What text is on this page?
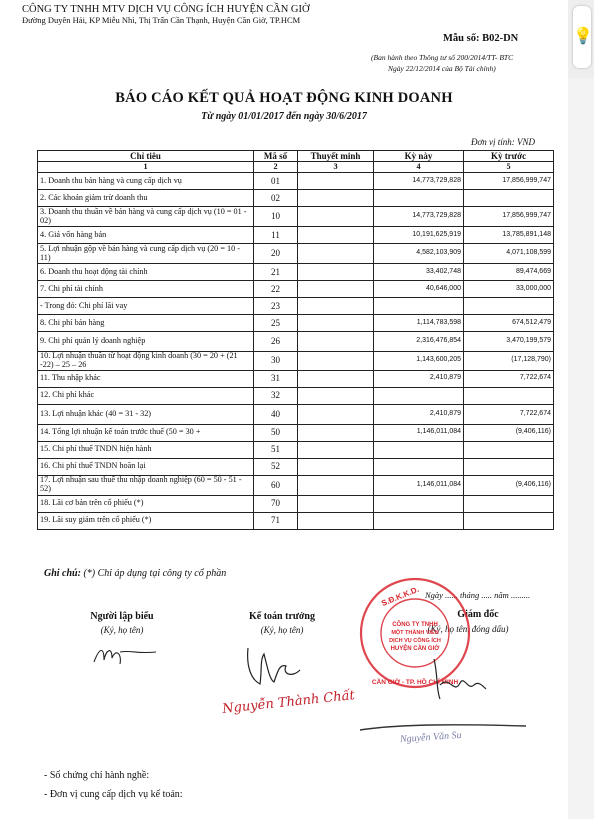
CÔNG TY TNHH MTV DỊCH VỤ CÔNG ÍCH HUYỆN CẦN GIỜ
Đường Duyên Hải, KP Miễu Nhì, Thị Trấn Cần Thạnh, Huyện Cần Giờ, TP.HCM
Mẫu số: B02-DN
(Ban hành theo Thông tư số 200/2014/TT- BTC
Ngày 22/12/2014 của Bộ Tài chính)
BÁO CÁO KẾT QUẢ HOẠT ĐỘNG KINH DOANH
Từ ngày 01/01/2017 đến ngày 30/6/2017
Đơn vị tính: VND
Chỉ tiêu	Mã số	Thuyết minh	Kỳ này	Kỳ trước
1	2	3	4	5
1. Doanh thu bán hàng và cung cấp dịch vụ	01		14,773,729,828	17,856,999,747
2. Các khoản giảm trừ doanh thu	02			
3. Doanh thu thuần về bán hàng và cung cấp dịch vụ (10 = 01 - 02)	10		14,773,729,828	17,856,999,747
4. Giá vốn hàng bán	11		10,191,625,919	13,785,891,148
5. Lợi nhuận gộp về bán hàng và cung cấp dịch vụ (20 = 10 - 11)	20		4,582,103,909	4,071,108,599
6. Doanh thu hoạt động tài chính	21		33,402,748	89,474,669
7. Chi phí tài chính	22		40,646,000	33,000,000
- Trong đó: Chi phí lãi vay	23			
8. Chi phí bán hàng	25		1,114,783,598	674,512,479
9. Chi phí quản lý doanh nghiệp	26		2,316,476,854	3,470,199,579
10. Lợi nhuận thuần từ hoạt động kinh doanh (30 = 20 + (21 -22) – 25 – 26	30		1,143,600,205	(17,128,790)
11. Thu nhập khác	31		2,410,879	7,722,674
12. Chi phí khác	32			
13. Lợi nhuận khác (40 = 31 - 32)	40		2,410,879	7,722,674
14. Tổng lợi nhuận kế toán trước thuế (50 = 30 +	50		1,146,011,084	(9,406,116)
15. Chi phí thuế TNDN hiện hành	51			
16. Chi phí thuế TNDN hoãn lại	52			
17. Lợi nhuận sau thuế thu nhập doanh nghiệp (60 = 50 - 51 - 52)	60		1,146,011,084	(9,406,116)
18. Lãi cơ bản trên cổ phiếu (*)	70			
19. Lãi suy giảm trên cổ phiếu (*)	71			
Ghi chú: (*) Chỉ áp dụng tại công ty cổ phần
Ngày ...... tháng ..... năm .........
Người lập biểu
(Ký, họ tên)
Kế toán trưởng
(Ký, họ tên)
Giám đốc
(Ký, họ tên, đóng dấu)
Nguyễn Thành Chất
S.Đ.K.K.D.
CÔNG TY TNHH
MỘT THÀNH VIÊN
DỊCH VỤ CÔNG ÍCH
HUYỆN CẦN GIỜ
CẦN GIỜ - TP. HỒ CHÍ MINH
Nguyễn Văn Su
- Số chứng chỉ hành nghề:
- Đơn vị cung cấp dịch vụ kế toán:
💡
